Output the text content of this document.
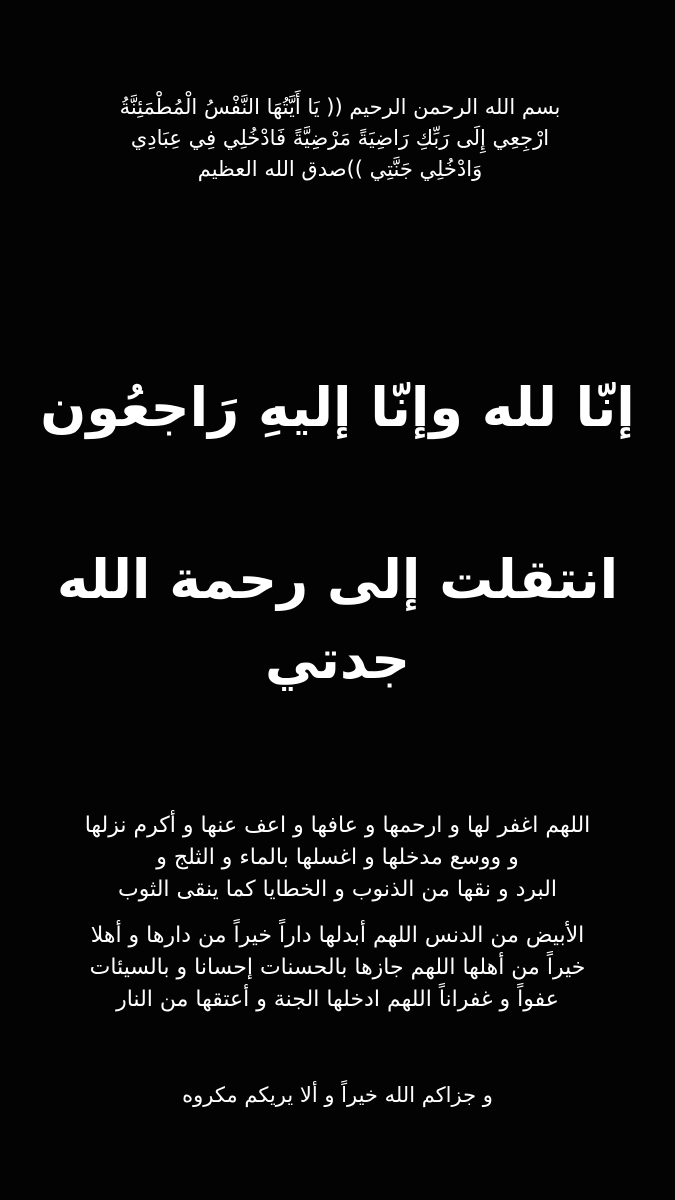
بسم الله الرحمن الرحيم (( يَا أَيَّتُهَا النَّفْسُ الْمُطْمَئِنَّةُ
ارْجِعِي إِلَى رَبِّكِ رَاضِيَةً مَرْضِيَّةً فَادْخُلِي فِي عِبَادِي
وَادْخُلِي جَنَّتِي ))صدق الله العظيم
إنّا لله وإنّا إليهِ رَاجعُون
انتقلت إلى رحمة الله
جدتي
اللهم اغفر لها و ارحمها و عافها و اعف عنها و أكرم نزلها
و ووسع مدخلها و اغسلها بالماء و الثلج و
البرد و نقها من الذنوب و الخطايا كما ينقى الثوب
الأبيض من الدنس اللهم أبدلها داراً خيراً من دارها و أهلا
خيراً من أهلها اللهم جازها بالحسنات إحسانا و بالسيئات
عفواً و غفراناً اللهم ادخلها الجنة و أعتقها من النار
و جزاكم الله خيراً و ألا يريكم مكروه
